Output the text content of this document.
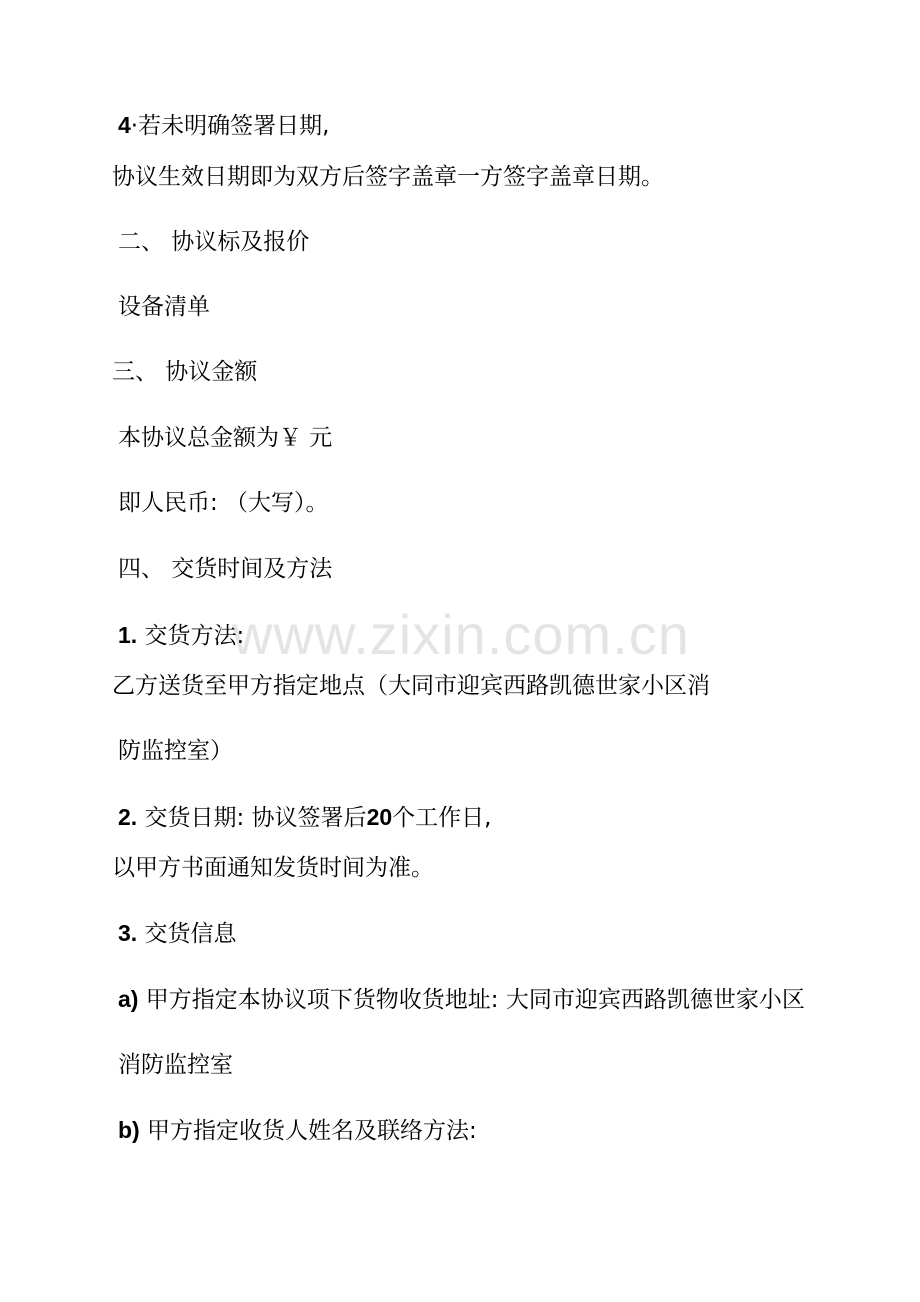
www.zixin.com.cn
4·若未明确签署日期,
协议生效日期即为双方后签字盖章一方签字盖章日期。
二、 协议标及报价
设备清单
三、 协议金额
本协议总金额为￥ 元
即人民币: （大写）。
四、 交货时间及方法
1. 交货方法:
乙方送货至甲方指定地点（大同市迎宾西路凯德世家小区消
防监控室）
2. 交货日期: 协议签署后20个工作日,
以甲方书面通知发货时间为准。
3. 交货信息
a) 甲方指定本协议项下货物收货地址: 大同市迎宾西路凯德世家小区
消防监控室
b) 甲方指定收货人姓名及联络方法:
